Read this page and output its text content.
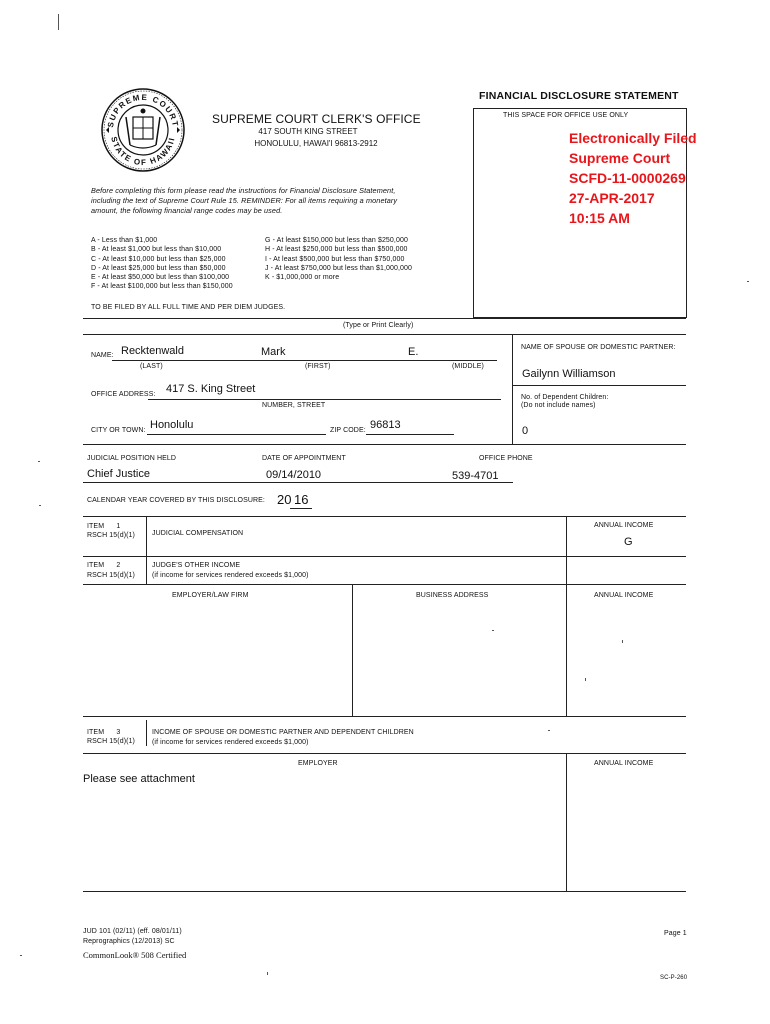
FINANCIAL DISCLOSURE STATEMENT
SUPREME COURT
STATE OF HAWAII
SUPREME COURT CLERK'S OFFICE
417 SOUTH KING STREET
HONOLULU, HAWAI'I 96813-2912
THIS SPACE FOR OFFICE USE ONLY
Electronically Filed
Supreme Court
SCFD-11-0000269
27-APR-2017
10:15 AM
Before completing this form please read the instructions for Financial Disclosure Statement,
including the text of Supreme Court Rule 15. REMINDER: For all items requiring a monetary
amount, the following financial range codes may be used.
A - Less than $1,000
B - At least $1,000 but less than $10,000
C - At least $10,000 but less than $25,000
D - At least $25,000 but less than $50,000
E - At least $50,000 but less than $100,000
F - At least $100,000 but less than $150,000
G - At least $150,000 but less than $250,000
H - At least $250,000 but less than $500,000
I - At least $500,000 but less than $750,000
J - At least $750,000 but less than $1,000,000
K - $1,000,000 or more
TO BE FILED BY ALL FULL TIME AND PER DIEM JUDGES.
(Type or Print Clearly)
NAME: Recktenwald	Mark	E.
(LAST)	(FIRST)	(MIDDLE)
NAME OF SPOUSE OR DOMESTIC PARTNER:
Gailynn Williamson
No. of Dependent Children:
(Do not include names)
0
OFFICE ADDRESS: 417 S. King Street
NUMBER, STREET
CITY OR TOWN: Honolulu	ZIP CODE: 96813
JUDICIAL POSITION HELD
Chief Justice
DATE OF APPOINTMENT
09/14/2010
OFFICE PHONE
539-4701
CALENDAR YEAR COVERED BY THIS DISCLOSURE: 20 16
ITEM      1
RSCH 15(d)(1) JUDICIAL COMPENSATION
ANNUAL INCOME
G
ITEM      2
RSCH 15(d)(1)
JUDGE'S OTHER INCOME
(if income for services rendered exceeds $1,000)
EMPLOYER/LAW FIRM	BUSINESS ADDRESS	ANNUAL INCOME
ITEM      3
RSCH 15(d)(1)
INCOME OF SPOUSE OR DOMESTIC PARTNER AND DEPENDENT CHILDREN
(if income for services rendered exceeds $1,000)
EMPLOYER	ANNUAL INCOME
Please see attachment
JUD 101 (02/11) (eff. 08/01/11)
Reprographics (12/2013) SC
CommonLook® 508 Certified
Page 1
SC-P-260
